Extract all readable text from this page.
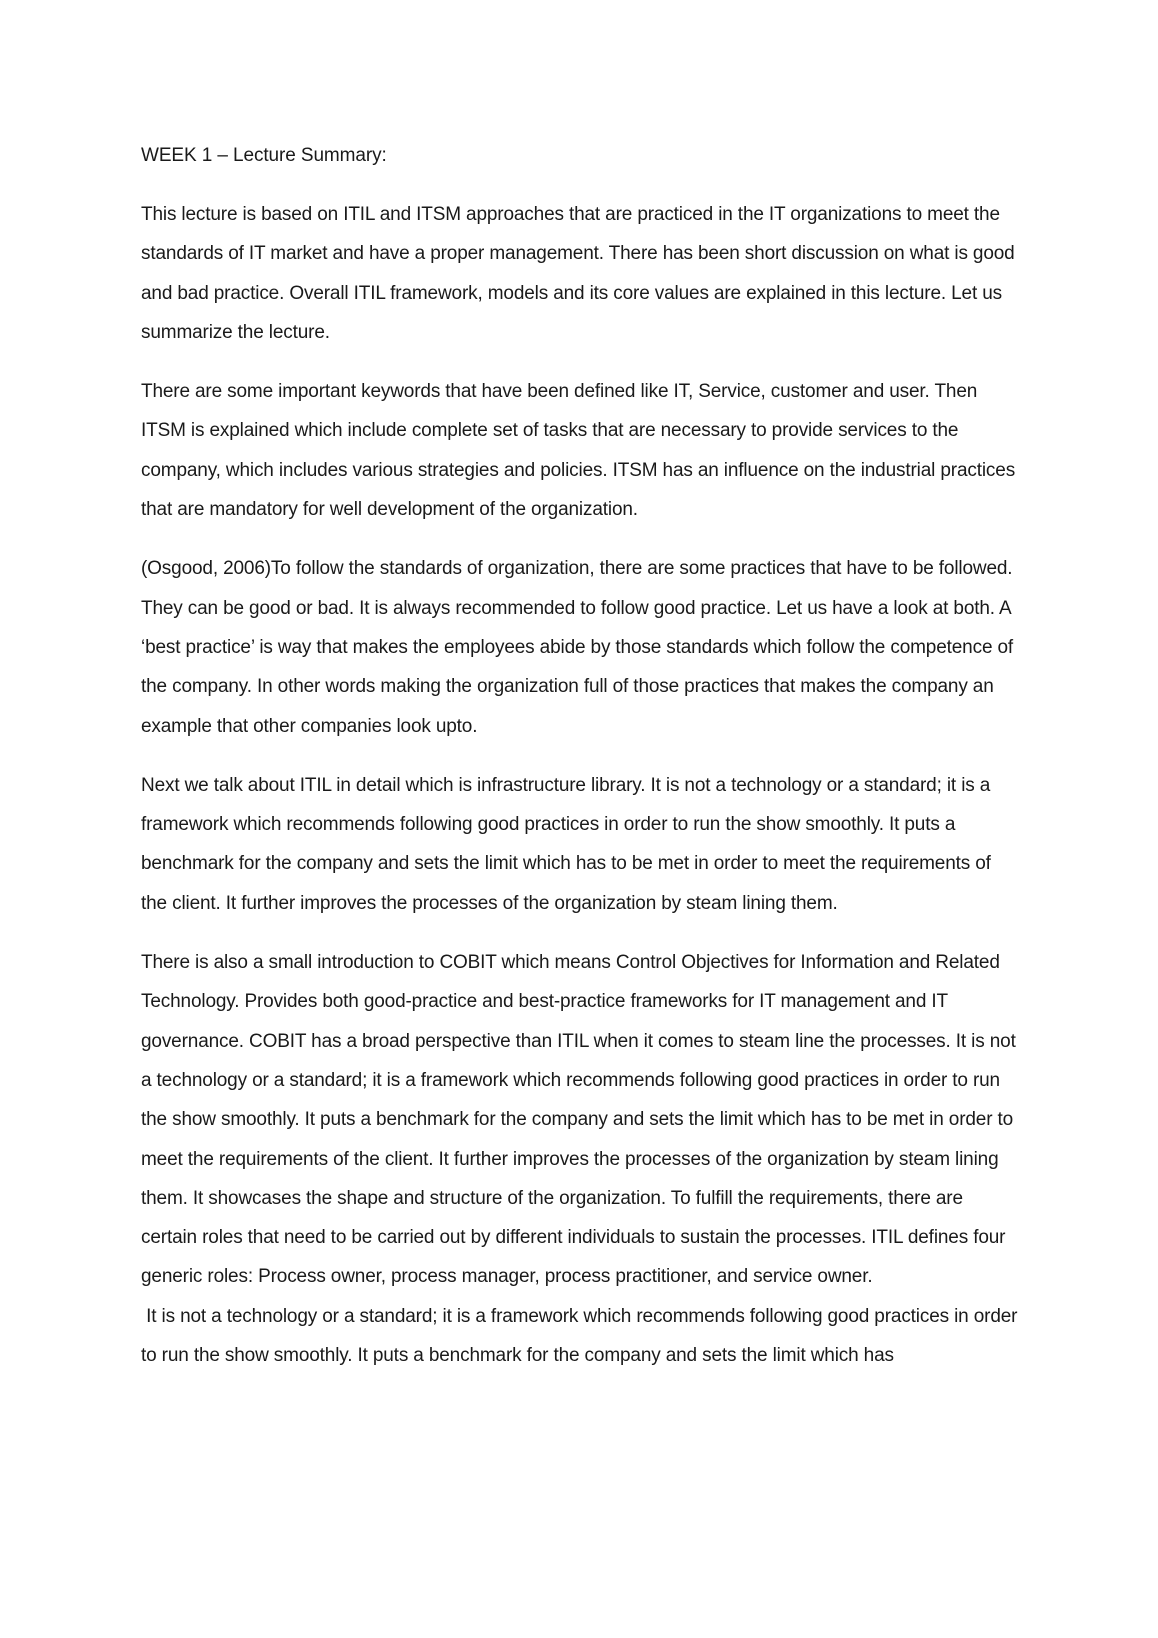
WEEK 1 – Lecture Summary:

This lecture is based on ITIL and ITSM approaches that are practiced in the IT organizations to meet the standards of IT market and have a proper management. There has been short discussion on what is good and bad practice. Overall ITIL framework, models and its core values are explained in this lecture. Let us summarize the lecture.

There are some important keywords that have been defined like IT, Service, customer and user. Then ITSM is explained which include complete set of tasks that are necessary to provide services to the company, which includes various strategies and policies. ITSM has an influence on the industrial practices that are mandatory for well development of the organization.

(Osgood, 2006)To follow the standards of organization, there are some practices that have to be followed. They can be good or bad. It is always recommended to follow good practice. Let us have a look at both. A ‘best practice’ is way that makes the employees abide by those standards which follow the competence of the company. In other words making the organization full of those practices that makes the company an example that other companies look upto.

Next we talk about ITIL in detail which is infrastructure library. It is not a technology or a standard; it is a framework which recommends following good practices in order to run the show smoothly. It puts a benchmark for the company and sets the limit which has to be met in order to meet the requirements of the client. It further improves the processes of the organization by steam lining them.

There is also a small introduction to COBIT which means Control Objectives for Information and Related Technology. Provides both good-practice and best-practice frameworks for IT management and IT governance. COBIT has a broad perspective than ITIL when it comes to steam line the processes. It is not a technology or a standard; it is a framework which recommends following good practices in order to run the show smoothly. It puts a benchmark for the company and sets the limit which has to be met in order to meet the requirements of the client. It further improves the processes of the organization by steam lining them. It showcases the shape and structure of the organization. To fulfill the requirements, there are certain roles that need to be carried out by different individuals to sustain the processes. ITIL defines four generic roles: Process owner, process manager, process practitioner, and service owner.

It is not a technology or a standard; it is a framework which recommends following good practices in order to run the show smoothly. It puts a benchmark for the company and sets the limit which has
